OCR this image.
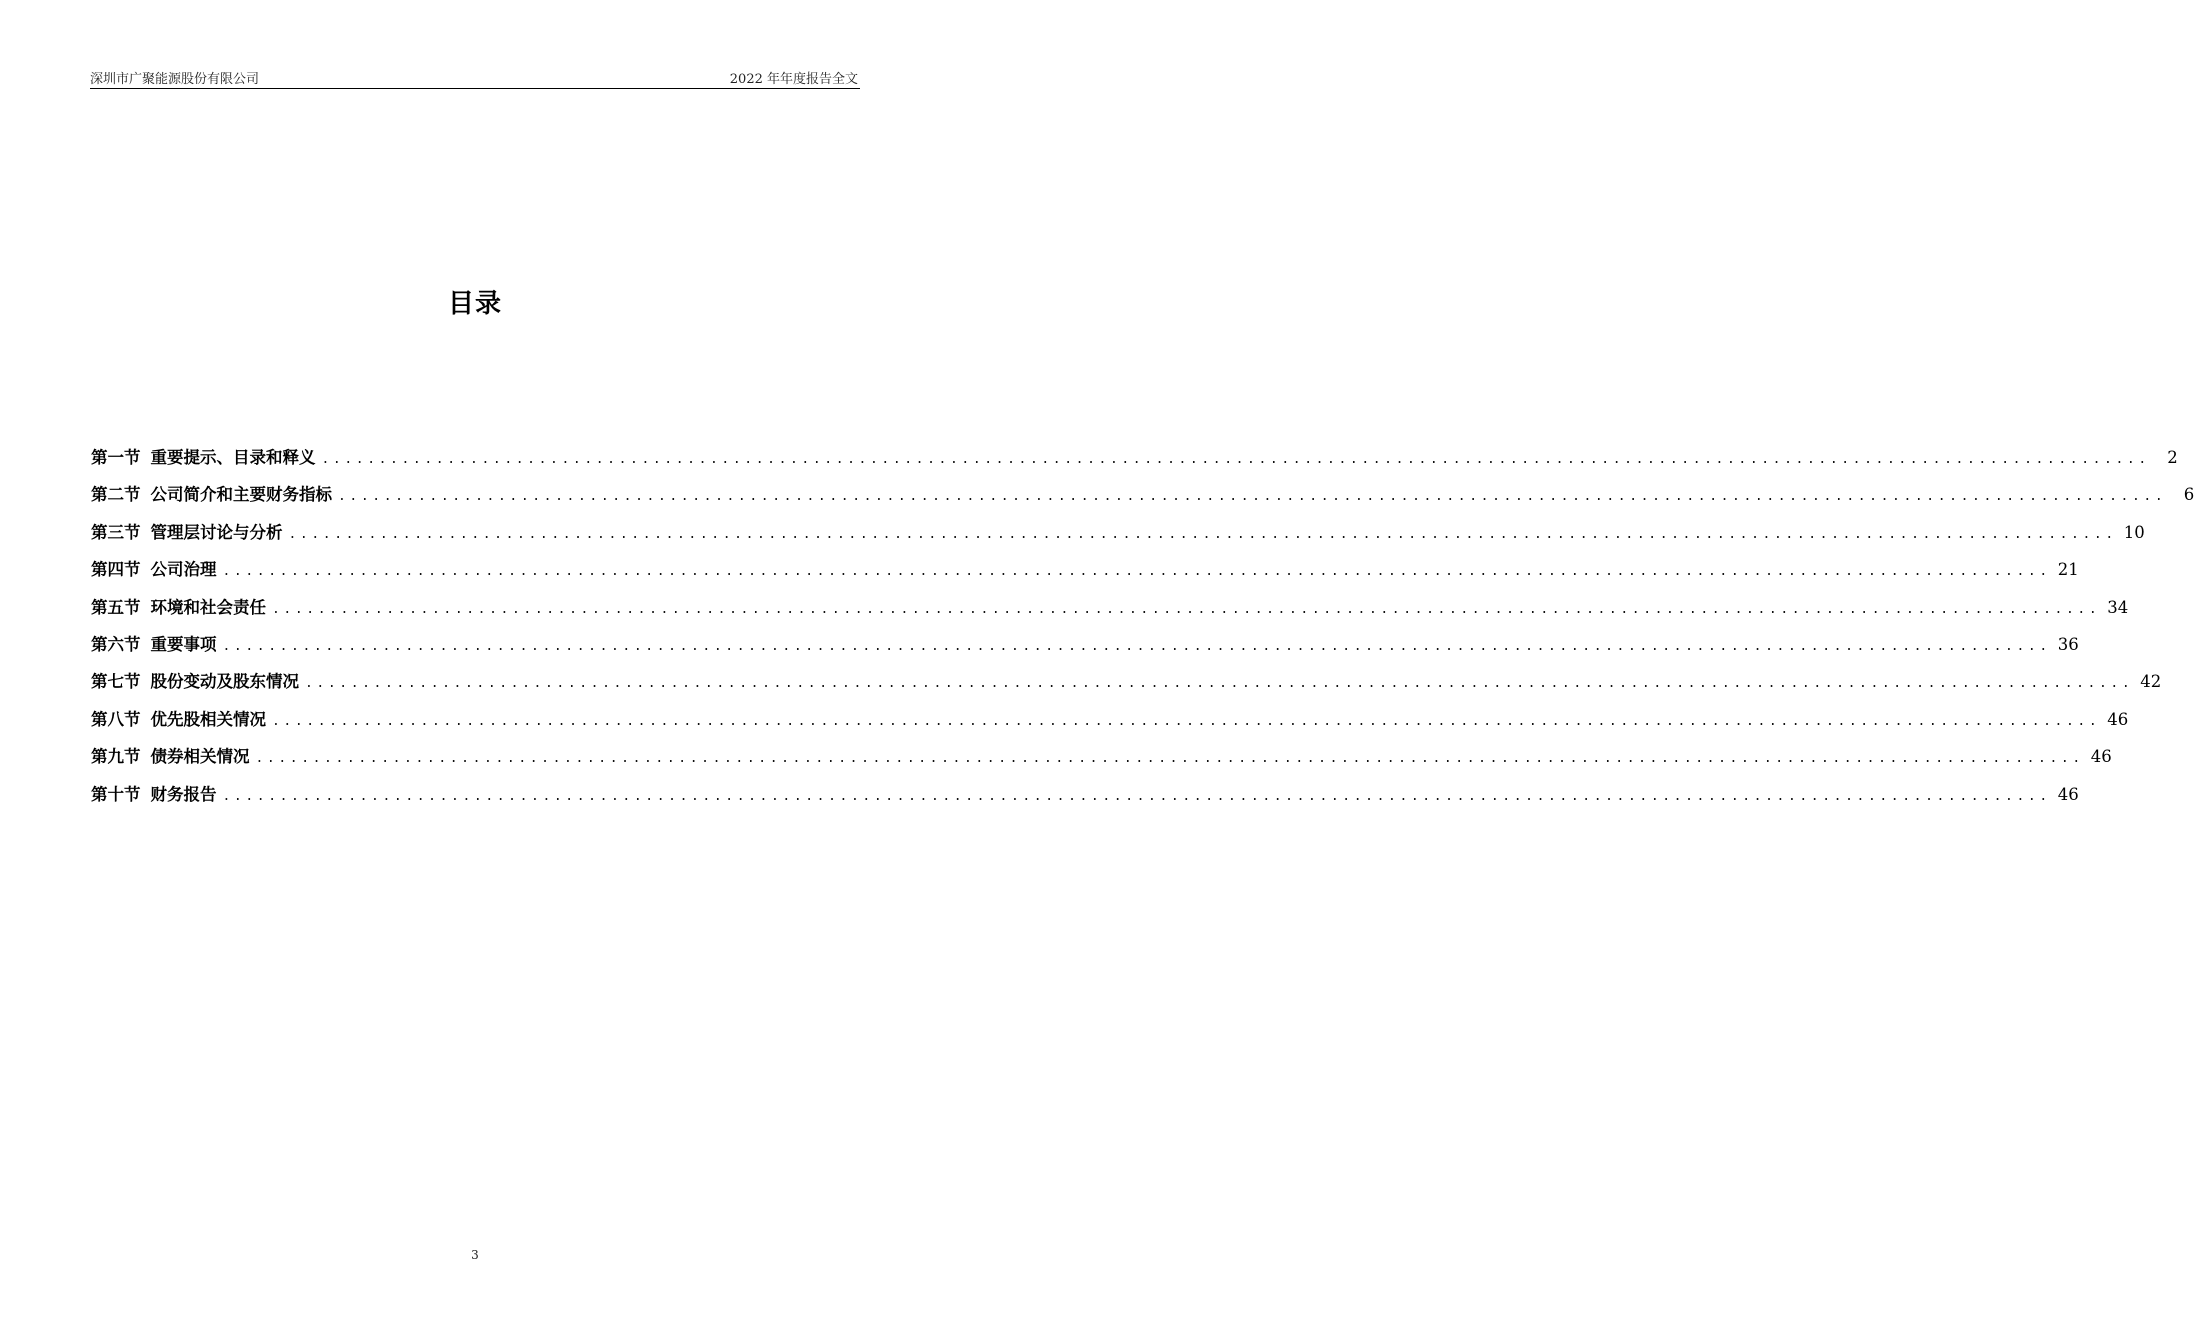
深圳市广聚能源股份有限公司	2022 年年度报告全文
目录
第一节 重要提示、目录和释义 ................................................................................................................................................................	2
第二节 公司简介和主要财务指标 ................................................................................................................................................................	6
第三节 管理层讨论与分析 ................................................................................................................................................................ 10
第四节 公司治理 ................................................................................................................................................................ 21
第五节 环境和社会责任 ................................................................................................................................................................ 34
第六节 重要事项 ................................................................................................................................................................ 36
第七节 股份变动及股东情况 ................................................................................................................................................................ 42
第八节 优先股相关情况 ................................................................................................................................................................ 46
第九节 债券相关情况 ................................................................................................................................................................ 46
第十节 财务报告 ................................................................................................................................................................ 46
3
